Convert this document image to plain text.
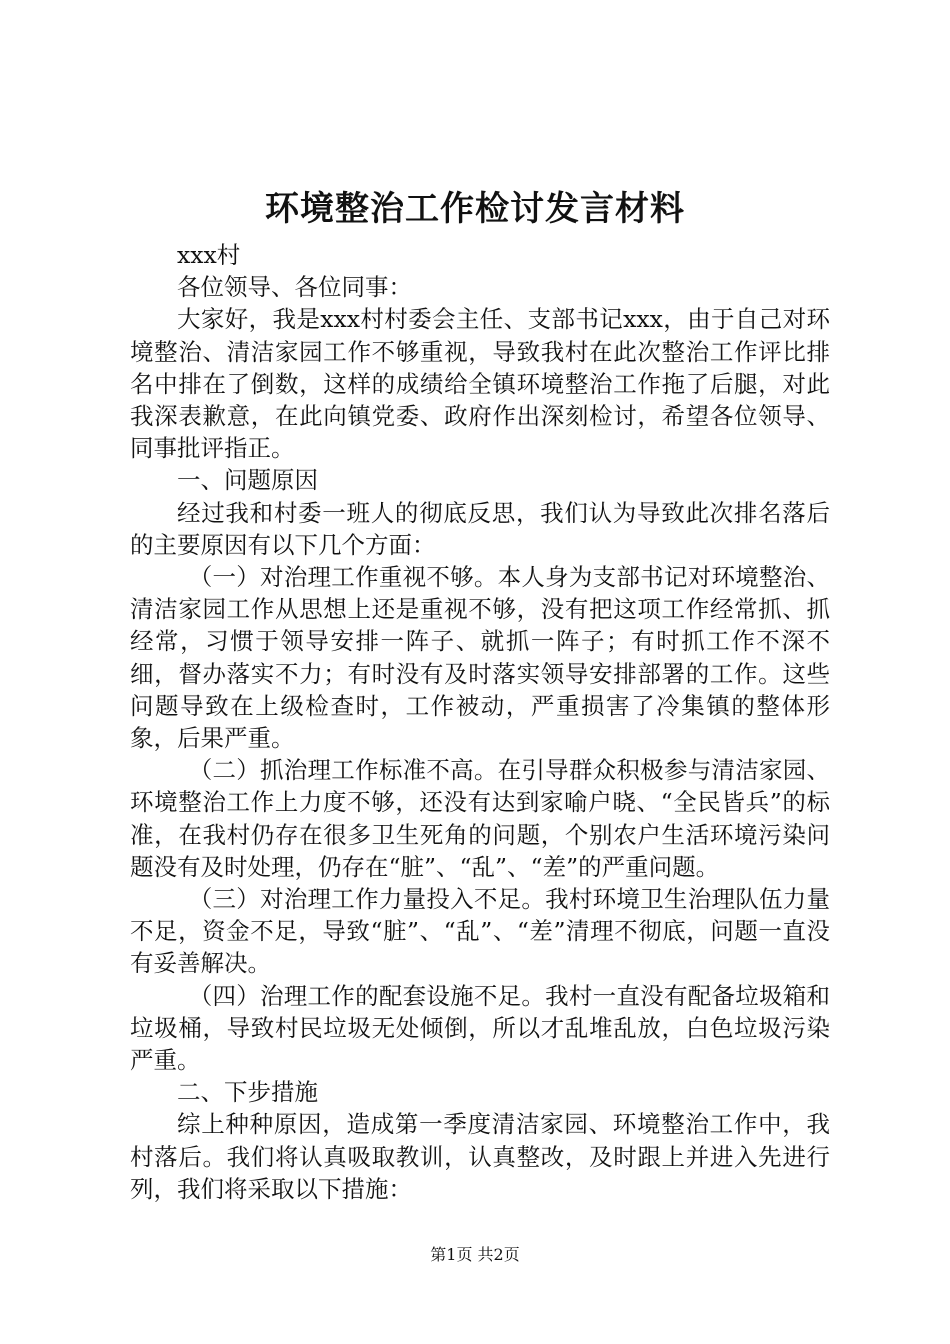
环境整治工作检讨发言材料

xxx村

各位领导、各位同事：

大家好，我是xxx村村委会主任、支部书记xxx，由于自己对环境整治、清洁家园工作不够重视，导致我村在此次整治工作评比排名中排在了倒数，这样的成绩给全镇环境整治工作拖了后腿，对此我深表歉意，在此向镇党委、政府作出深刻检讨，希望各位领导、同事批评指正。

一、问题原因

经过我和村委一班人的彻底反思，我们认为导致此次排名落后的主要原因有以下几个方面：

（一）对治理工作重视不够。本人身为支部书记对环境整治、清洁家园工作从思想上还是重视不够，没有把这项工作经常抓、抓经常，习惯于领导安排一阵子、就抓一阵子；有时抓工作不深不细，督办落实不力；有时没有及时落实领导安排部署的工作。这些问题导致在上级检查时，工作被动，严重损害了冷集镇的整体形象，后果严重。

（二）抓治理工作标准不高。在引导群众积极参与清洁家园、环境整治工作上力度不够，还没有达到家喻户晓、“全民皆兵”的标准，在我村仍存在很多卫生死角的问题，个别农户生活环境污染问题没有及时处理，仍存在“脏”、“乱”、“差”的严重问题。

（三）对治理工作力量投入不足。我村环境卫生治理队伍力量不足，资金不足，导致“脏”、“乱”、“差”清理不彻底，问题一直没有妥善解决。

（四）治理工作的配套设施不足。我村一直没有配备垃圾箱和垃圾桶，导致村民垃圾无处倾倒，所以才乱堆乱放，白色垃圾污染严重。

二、下步措施

综上种种原因，造成第一季度清洁家园、环境整治工作中，我村落后。我们将认真吸取教训，认真整改，及时跟上并进入先进行列，我们将采取以下措施：

第1页 共2页
